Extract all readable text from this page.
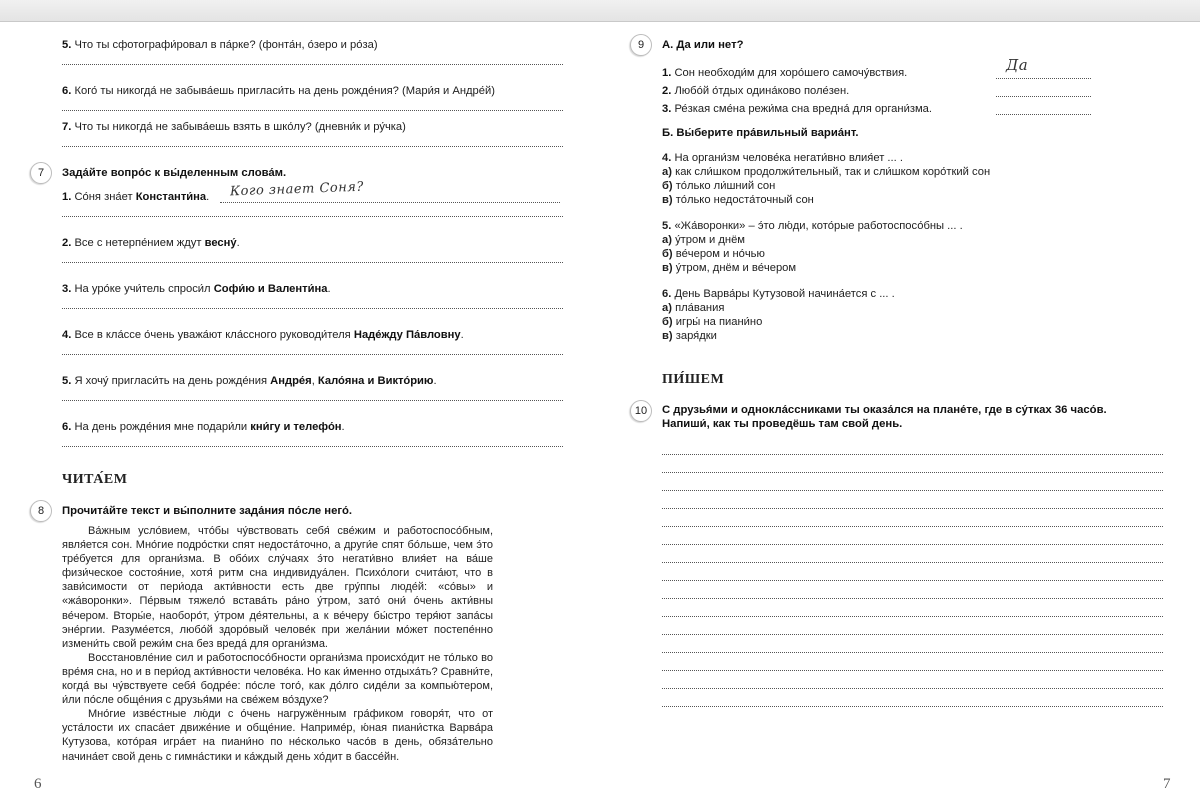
5. Что ты сфотографи́ровал в па́рке? (фонта́н, о́зеро и ро́за)
6. Кого́ ты никогда́ не забыва́ешь пригласи́ть на день рожде́ния? (Мари́я и Андре́й)
7. Что ты никогда́ не забыва́ешь взять в шко́лу? (дневни́к и ру́чка)
7	Зада́йте вопро́с к вы́деленным слова́м.
1. Со́ня зна́ет Константи́на. Кого знает Соня?
2. Все с нетерпе́нием ждут весну́.
3. На уро́ке учи́тель спроси́л Софи́ю и Валенти́на.
4. Все в кла́ссе о́чень уважа́ют кла́ссного руководи́теля Наде́жду Па́вловну.
5. Я хочу́ пригласи́ть на день рожде́ния Андре́я, Кало́яна и Викто́рию.
6. На день рожде́ния мне подари́ли кни́гу и телефо́н.
ЧИТА́ЕМ
8	Прочита́йте текст и вы́полните зада́ния по́сле него́.

Ва́жным усло́вием, что́бы чу́вствовать себя́ све́жим и работоспосо́бным, явля́ется сон. Мно́гие подро́стки спят недоста́точно, а други́е спят бо́льше, чем э́то тре́буется для органи́зма. В обо́их слу́чаях э́то негати́вно влия́ет на ва́ше физи́ческое состоя́ние, хотя́ ритм сна индивидуа́лен. Психо́логи счита́ют, что в зави́симости от пери́ода акти́вности есть две гру́ппы люде́й: «со́вы» и «жа́воронки». Пе́рвым тяжело́ встава́ть ра́но у́тром, зато́ они́ о́чень акти́вны ве́чером. Вторы́е, наоборо́т, у́тром де́ятельны, а к ве́черу бы́стро теря́ют запа́сы эне́ргии. Разуме́ется, любо́й здоро́вый челове́к при жела́нии мо́жет постепе́нно измени́ть свой режи́м сна без вреда́ для органи́зма.

Восстановле́ние сил и работоспосо́бности органи́зма происхо́дит не то́лько во вре́мя сна, но и в пери́од акти́вности челове́ка. Но как и́менно отдыха́ть? Сравни́те, когда́ вы чу́вствуете себя́ бодре́е: по́сле того́, как до́лго сиде́ли за компью́тером, и́ли по́сле обще́ния с друзья́ми на све́жем во́здухе?

Мно́гие изве́стные лю́ди с о́чень нагружённым гра́фиком говоря́т, что от уста́лости их спаса́ет движе́ние и обще́ние. Наприме́р, ю́ная пиани́стка Варва́ра Кутузова, кото́рая игра́ет на пиани́но по не́сколько часо́в в день, обяза́тельно начина́ет свой день с гимна́стики и ка́ждый день хо́дит в бассе́йн.

6
9	А. Да или нет?
1. Сон необходи́м для хоро́шего самочу́вствия.	Да
2. Любо́й о́тдых одина́ково поле́зен.
3. Ре́зкая сме́на режи́ма сна вредна́ для органи́зма.
Б. Вы́берите пра́вильный вариа́нт.
4. На органи́зм челове́ка негати́вно влия́ет ... .
а) как сли́шком продолжи́тельный, так и сли́шком коро́ткий сон
б) то́лько ли́шний сон
в) то́лько недоста́точный сон
5. «Жа́воронки» – э́то лю́ди, кото́рые работоспосо́бны ... .
а) у́тром и днём
б) ве́чером и но́чью
в) у́тром, днём и ве́чером
6. День Варва́ры Кутузовой начина́ется с ... .
а) пла́вания
б) игры́ на пиани́но
в) заря́дки
ПИ́ШЕМ
10	С друзья́ми и однокла́ссниками ты оказа́лся на плане́те, где в су́тках 36 часо́в.
Напиши́, как ты проведёшь там свой день.
7
